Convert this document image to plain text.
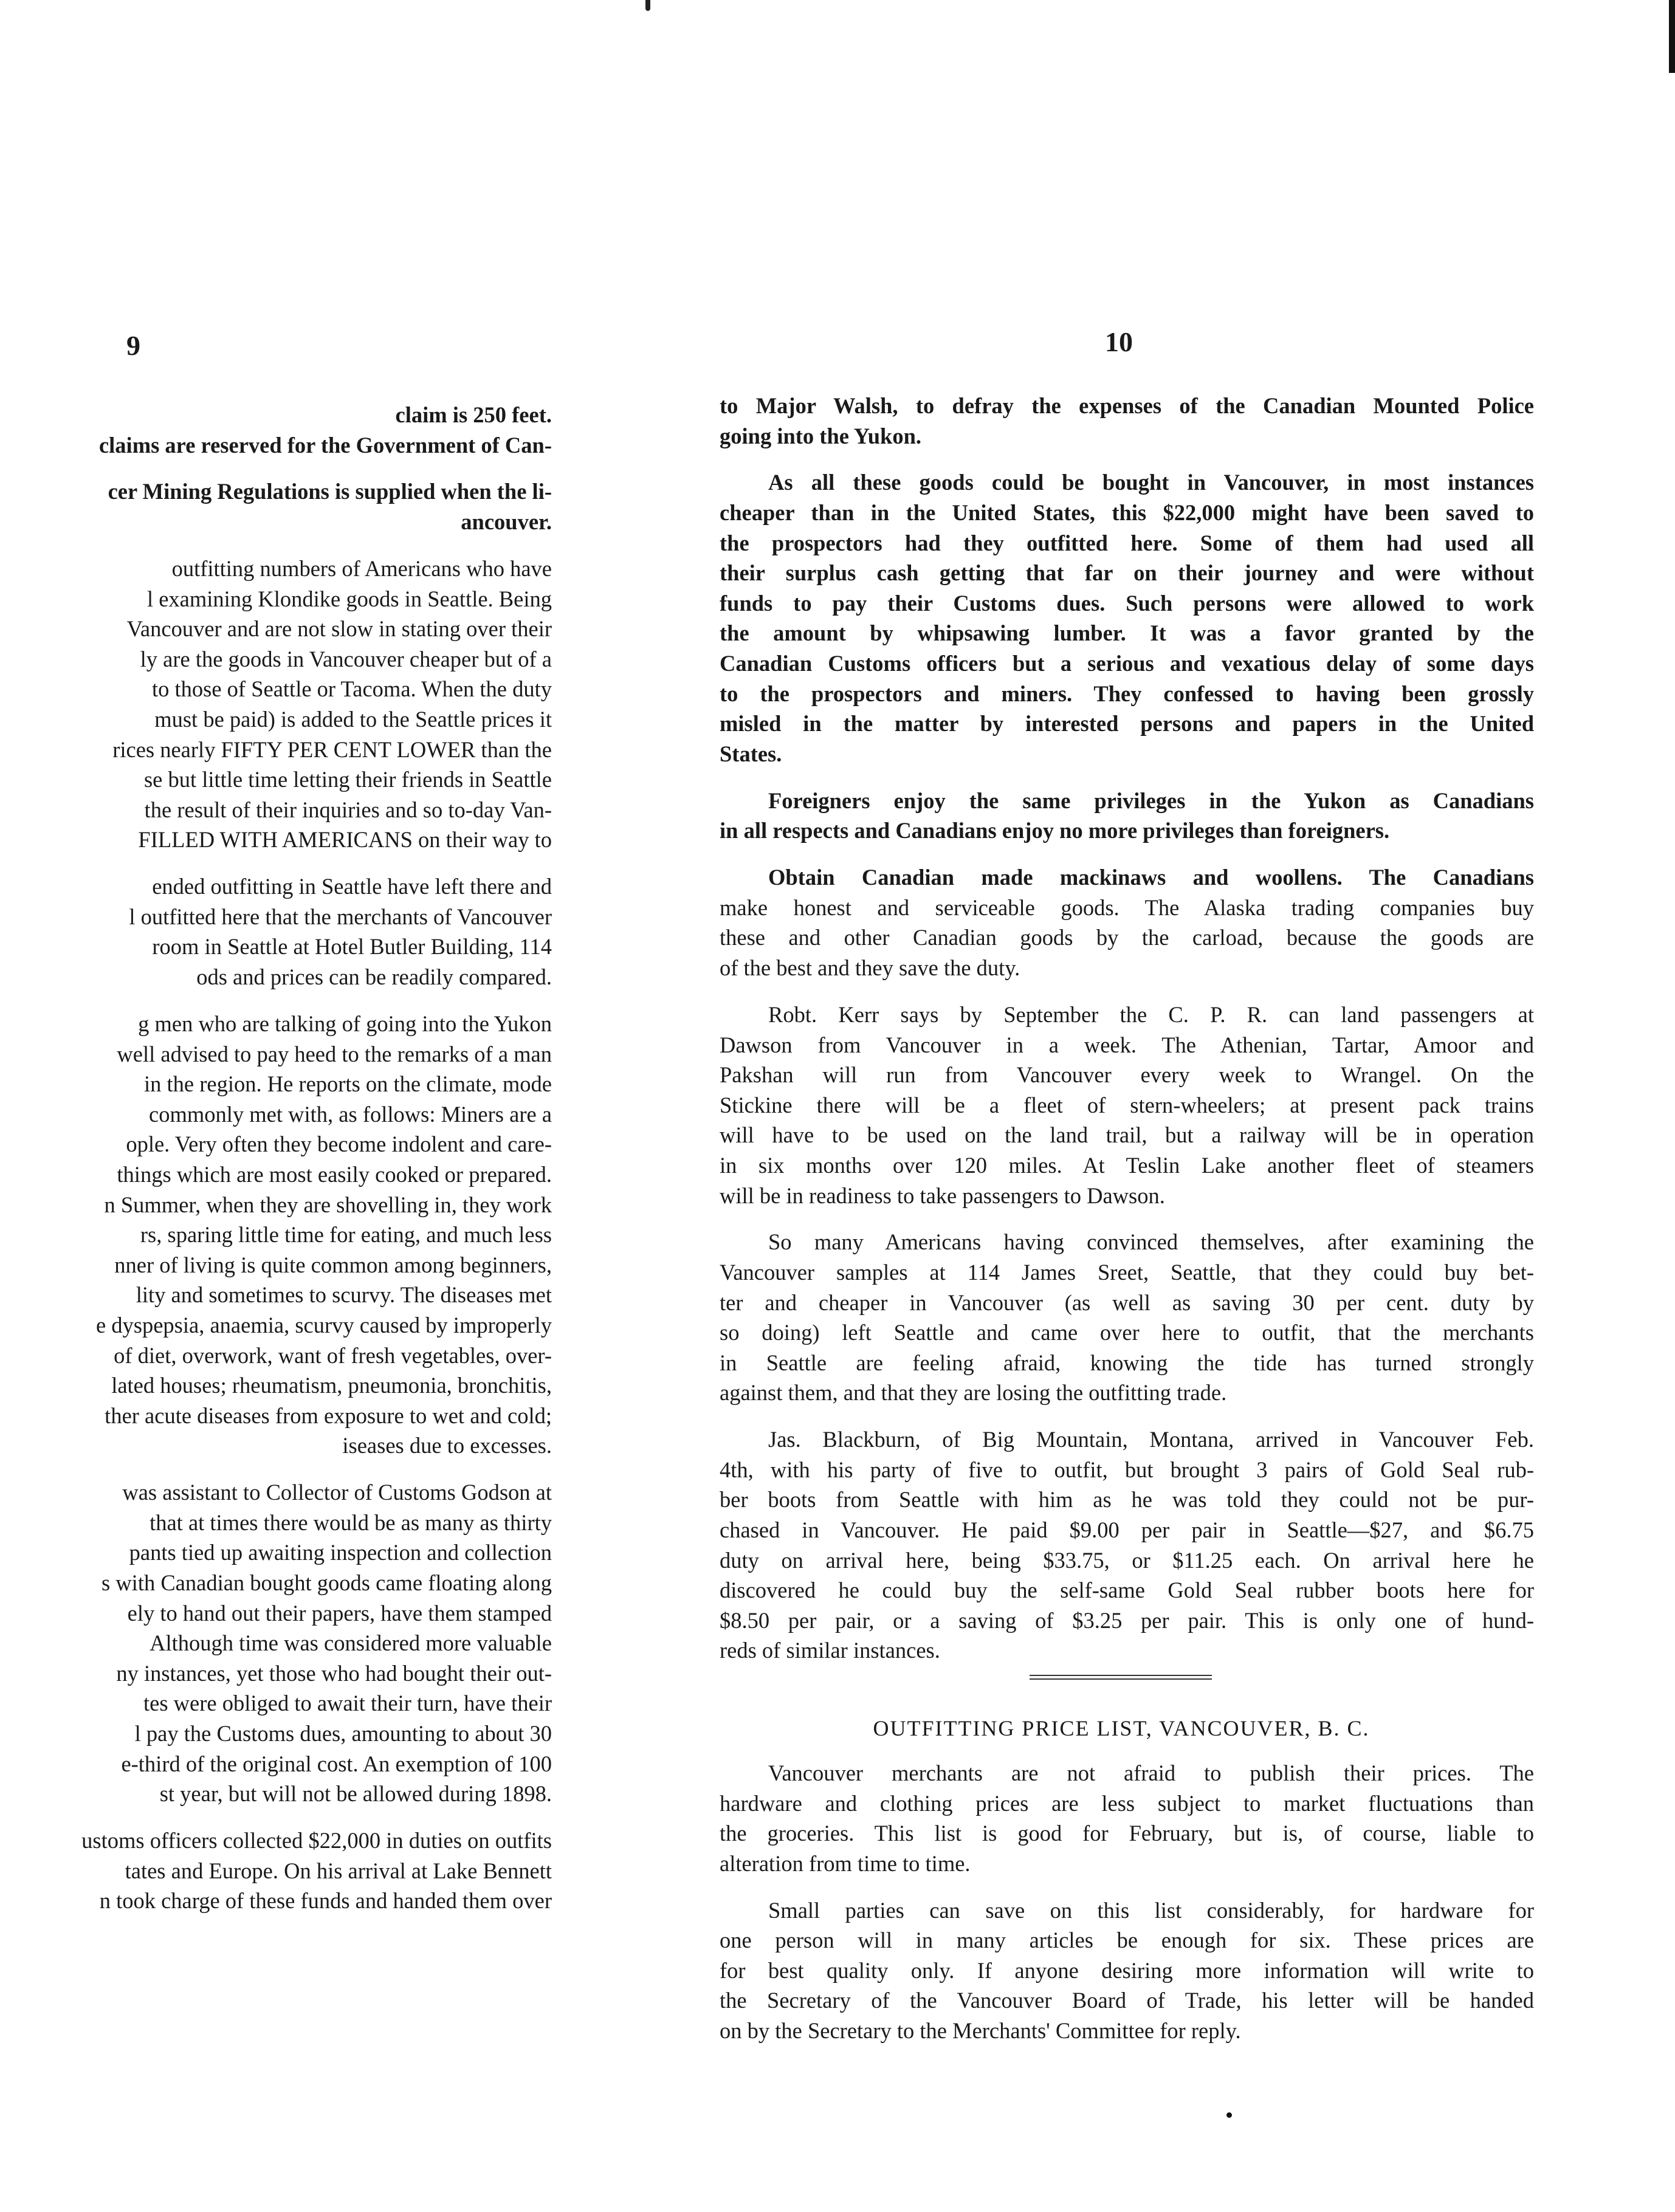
9
claim is 250 feet.
claims are reserved for the Government of Can-
cer Mining Regulations is supplied when the li-
ancouver.
outfitting numbers of Americans who have
l examining Klondike goods in Seattle. Being
Vancouver and are not slow in stating over their
ly are the goods in Vancouver cheaper but of a
to those of Seattle or Tacoma. When the duty
must be paid) is added to the Seattle prices it
rices nearly FIFTY PER CENT LOWER than the
se but little time letting their friends in Seattle
the result of their inquiries and so to-day Van-
FILLED WITH AMERICANS on their way to
ended outfitting in Seattle have left there and
l outfitted here that the merchants of Vancouver
room in Seattle at Hotel Butler Building, 114
ods and prices can be readily compared.
g men who are talking of going into the Yukon
well advised to pay heed to the remarks of a man
in the region. He reports on the climate, mode
commonly met with, as follows: Miners are a
ople. Very often they become indolent and care-
things which are most easily cooked or prepared.
n Summer, when they are shovelling in, they work
rs, sparing little time for eating, and much less
nner of living is quite common among beginners,
lity and sometimes to scurvy. The diseases met
e dyspepsia, anaemia, scurvy caused by improperly
of diet, overwork, want of fresh vegetables, over-
lated houses; rheumatism, pneumonia, bronchitis,
ther acute diseases from exposure to wet and cold;
iseases due to excesses.
was assistant to Collector of Customs Godson at
that at times there would be as many as thirty
pants tied up awaiting inspection and collection
s with Canadian bought goods came floating along
ely to hand out their papers, have them stamped
Although time was considered more valuable
ny instances, yet those who had bought their out-
tes were obliged to await their turn, have their
l pay the Customs dues, amounting to about 30
e-third of the original cost. An exemption of 100
st year, but will not be allowed during 1898.
ustoms officers collected $22,000 in duties on outfits
tates and Europe. On his arrival at Lake Bennett
n took charge of these funds and handed them over
10
to Major Walsh, to defray the expenses of the Canadian Mounted Police
going into the Yukon.
As all these goods could be bought in Vancouver, in most instances
cheaper than in the United States, this $22,000 might have been saved to
the prospectors had they outfitted here. Some of them had used all
their surplus cash getting that far on their journey and were without
funds to pay their Customs dues. Such persons were allowed to work
the amount by whipsawing lumber. It was a favor granted by the
Canadian Customs officers but a serious and vexatious delay of some days
to the prospectors and miners. They confessed to having been grossly
misled in the matter by interested persons and papers in the United
States.
Foreigners enjoy the same privileges in the Yukon as Canadians
in all respects and Canadians enjoy no more privileges than foreigners.
Obtain Canadian made mackinaws and woollens. The Canadians
make honest and serviceable goods. The Alaska trading companies buy
these and other Canadian goods by the carload, because the goods are
of the best and they save the duty.
Robt. Kerr says by September the C. P. R. can land passengers at
Dawson from Vancouver in a week. The Athenian, Tartar, Amoor and
Pakshan will run from Vancouver every week to Wrangel. On the
Stickine there will be a fleet of stern-wheelers; at present pack trains
will have to be used on the land trail, but a railway will be in operation
in six months over 120 miles. At Teslin Lake another fleet of steamers
will be in readiness to take passengers to Dawson.
So many Americans having convinced themselves, after examining the
Vancouver samples at 114 James Sreet, Seattle, that they could buy bet-
ter and cheaper in Vancouver (as well as saving 30 per cent. duty by
so doing) left Seattle and came over here to outfit, that the merchants
in Seattle are feeling afraid, knowing the tide has turned strongly
against them, and that they are losing the outfitting trade.
Jas. Blackburn, of Big Mountain, Montana, arrived in Vancouver Feb.
4th, with his party of five to outfit, but brought 3 pairs of Gold Seal rub-
ber boots from Seattle with him as he was told they could not be pur-
chased in Vancouver. He paid $9.00 per pair in Seattle—$27, and $6.75
duty on arrival here, being $33.75, or $11.25 each. On arrival here he
discovered he could buy the self-same Gold Seal rubber boots here for
$8.50 per pair, or a saving of $3.25 per pair. This is only one of hund-
reds of similar instances.
OUTFITTING PRICE LIST, VANCOUVER, B. C.
Vancouver merchants are not afraid to publish their prices. The
hardware and clothing prices are less subject to market fluctuations than
the groceries. This list is good for February, but is, of course, liable to
alteration from time to time.
Small parties can save on this list considerably, for hardware for
one person will in many articles be enough for six. These prices are
for best quality only. If anyone desiring more information will write to
the Secretary of the Vancouver Board of Trade, his letter will be handed
on by the Secretary to the Merchants' Committee for reply.
